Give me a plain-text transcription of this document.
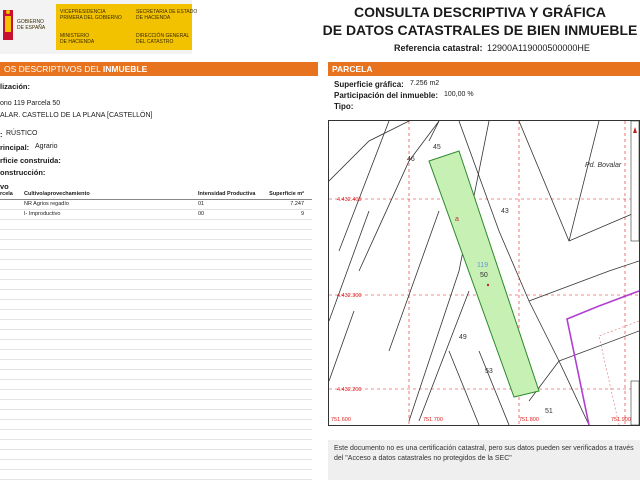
GOBIERNO
DE ESPAÑA
VICEPRESIDENCIA
PRIMERA DEL GOBIERNO
MINISTERIO
DE HACIENDA
SECRETARIA DE ESTADO
DE HACIENDA
DIRECCIÓN GENERAL
DEL CATASTRO
CONSULTA DESCRIPTIVA Y GRÁFICA
DE DATOS CATASTRALES DE BIEN INMUEBLE
Referencia catastral: 12900A119000500000HE
OS DESCRIPTIVOS DEL INMUEBLE
lización:
ono 119 Parcela 50
ALAR. CASTELLO DE LA PLANA [CASTELLÓN]
: RÚSTICO
rincipal: Agrario
rficie construida:
onstrucción:
vo
rcela Cultivo/aprovechamiento	Intensidad Productiva Superficie m²
NR Agrios regadío	01	7.247
I- Improductivo	00	9
PARCELA
Superficie gráfica: 7.256 m2
Participación del inmueble: 100,00 %
Tipo:
46
45
43
50
49
53
51
119
a
Pd. Bovalar
4.432.400
4.432.300
4.432.200
751.600	751.700	751.800	751.900
Este documento no es una certificación catastral, pero sus datos pueden ser verificados a través del "Acceso a datos catastrales no protegidos de la SEC"
